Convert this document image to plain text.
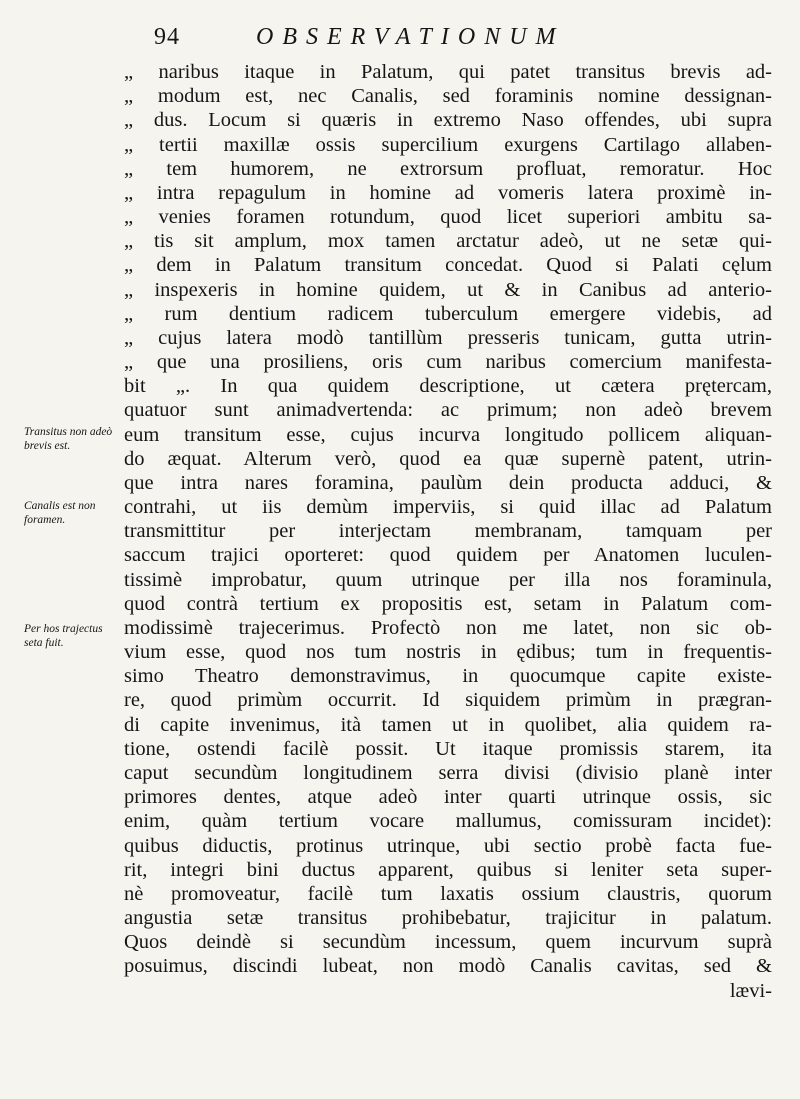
94	OBSERVATIONUM
„ naribus itaque in Palatum, qui patet transitus brevis ad-
„ modum est, nec Canalis, sed foraminis nomine dessignan-
„ dus. Locum si quæris in extremo Naso offendes, ubi supra
„ tertii maxillæ ossis supercilium exurgens Cartilago allaben-
„ tem humorem, ne extrorsum profluat, remoratur. Hoc
„ intra repagulum in homine ad vomeris latera proximè in-
„ venies foramen rotundum, quod licet superiori ambitu sa-
„ tis sit amplum, mox tamen arctatur adeò, ut ne setæ qui-
„ dem in Palatum transitum concedat. Quod si Palati cęlum
„ inspexeris in homine quidem, ut & in Canibus ad anterio-
„ rum dentium radicem tuberculum emergere videbis, ad
„ cujus latera modò tantillùm presseris tunicam, gutta utrin-
„ que una prosiliens, oris cum naribus comercium manifesta-
bit „. In qua quidem descriptione, ut cætera prętercam,
quatuor sunt animadvertenda: ac primum; non adeò brevem
eum transitum esse, cujus incurva longitudo pollicem aliquan-
do æquat. Alterum verò, quod ea quæ supernè patent, utrin-
que intra nares foramina, paulùm dein producta adduci, &
contrahi, ut iis demùm imperviis, si quid illac ad Palatum
transmittitur per interjectam membranam, tamquam per
saccum trajici oporteret: quod quidem per Anatomen luculen-
tissimè improbatur, quum utrinque per illa nos foraminula,
quod contrà tertium ex propositis est, setam in Palatum com-
modissimè trajecerimus. Profectò non me latet, non sic ob-
vium esse, quod nos tum nostris in ędibus; tum in frequentis-
simo Theatro demonstravimus, in quocumque capite existe-
re, quod primùm occurrit. Id siquidem primùm in prægran-
di capite invenimus, ità tamen ut in quolibet, alia quidem ra-
tione, ostendi facilè possit. Ut itaque promissis starem, ita
caput secundùm longitudinem serra divisi (divisio planè inter
primores dentes, atque adeò inter quarti utrinque ossis, sic
enim, quàm tertium vocare mallumus, comissuram incidet):
quibus diductis, protinus utrinque, ubi sectio probè facta fue-
rit, integri bini ductus apparent, quibus si leniter seta super-
nè promoveatur, facilè tum laxatis ossium claustris, quorum
angustia setæ transitus prohibebatur, trajicitur in palatum.
Quos deindè si secundùm incessum, quem incurvum suprà
posuimus, discindi lubeat, non modò Canalis cavitas, sed &
lævi-
Transitus non adeò brevis est.
Canalis est non foramen.
Per hos trajectus seta fuit.
